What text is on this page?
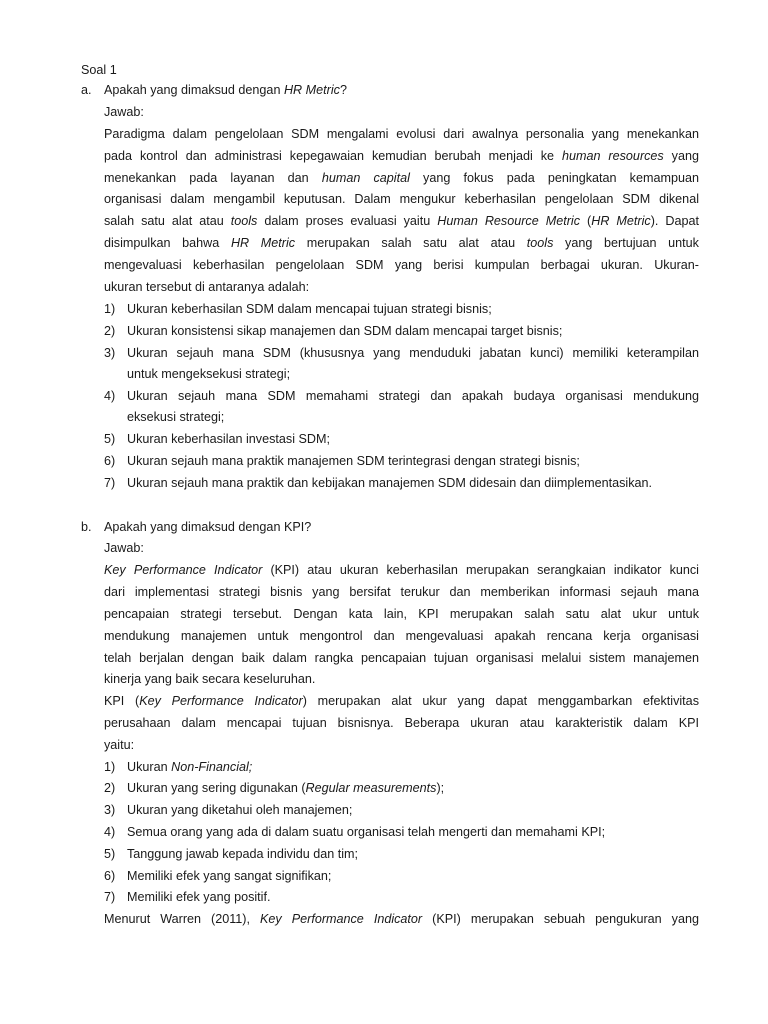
Soal 1
a. Apakah yang dimaksud dengan HR Metric?
Jawab:
Paradigma dalam pengelolaan SDM mengalami evolusi dari awalnya personalia yang menekankan
pada kontrol dan administrasi kepegawaian kemudian berubah menjadi ke human resources yang
menekankan pada layanan dan human capital yang fokus pada peningkatan kemampuan
organisasi dalam mengambil keputusan. Dalam mengukur keberhasilan pengelolaan SDM dikenal
salah satu alat atau tools dalam proses evaluasi yaitu Human Resource Metric (HR Metric). Dapat
disimpulkan bahwa HR Metric merupakan salah satu alat atau tools yang bertujuan untuk
mengevaluasi keberhasilan pengelolaan SDM yang berisi kumpulan berbagai ukuran. Ukuran-
ukuran tersebut di antaranya adalah:
1) Ukuran keberhasilan SDM dalam mencapai tujuan strategi bisnis;
2) Ukuran konsistensi sikap manajemen dan SDM dalam mencapai target bisnis;
3) Ukuran sejauh mana SDM (khususnya yang menduduki jabatan kunci) memiliki keterampilan
untuk mengeksekusi strategi;
4) Ukuran sejauh mana SDM memahami strategi dan apakah budaya organisasi mendukung
eksekusi strategi;
5) Ukuran keberhasilan investasi SDM;
6) Ukuran sejauh mana praktik manajemen SDM terintegrasi dengan strategi bisnis;
7) Ukuran sejauh mana praktik dan kebijakan manajemen SDM didesain dan diimplementasikan.
b. Apakah yang dimaksud dengan KPI?
Jawab:
Key Performance Indicator (KPI) atau ukuran keberhasilan merupakan serangkaian indikator kunci
dari implementasi strategi bisnis yang bersifat terukur dan memberikan informasi sejauh mana
pencapaian strategi tersebut. Dengan kata lain, KPI merupakan salah satu alat ukur untuk
mendukung manajemen untuk mengontrol dan mengevaluasi apakah rencana kerja organisasi
telah berjalan dengan baik dalam rangka pencapaian tujuan organisasi melalui sistem manajemen
kinerja yang baik secara keseluruhan.
KPI (Key Performance Indicator) merupakan alat ukur yang dapat menggambarkan efektivitas
perusahaan dalam mencapai tujuan bisnisnya. Beberapa ukuran atau karakteristik dalam KPI
yaitu:
1) Ukuran Non-Financial;
2) Ukuran yang sering digunakan (Regular measurements);
3) Ukuran yang diketahui oleh manajemen;
4) Semua orang yang ada di dalam suatu organisasi telah mengerti dan memahami KPI;
5) Tanggung jawab kepada individu dan tim;
6) Memiliki efek yang sangat signifikan;
7) Memiliki efek yang positif.
Menurut Warren (2011), Key Performance Indicator (KPI) merupakan sebuah pengukuran yang
